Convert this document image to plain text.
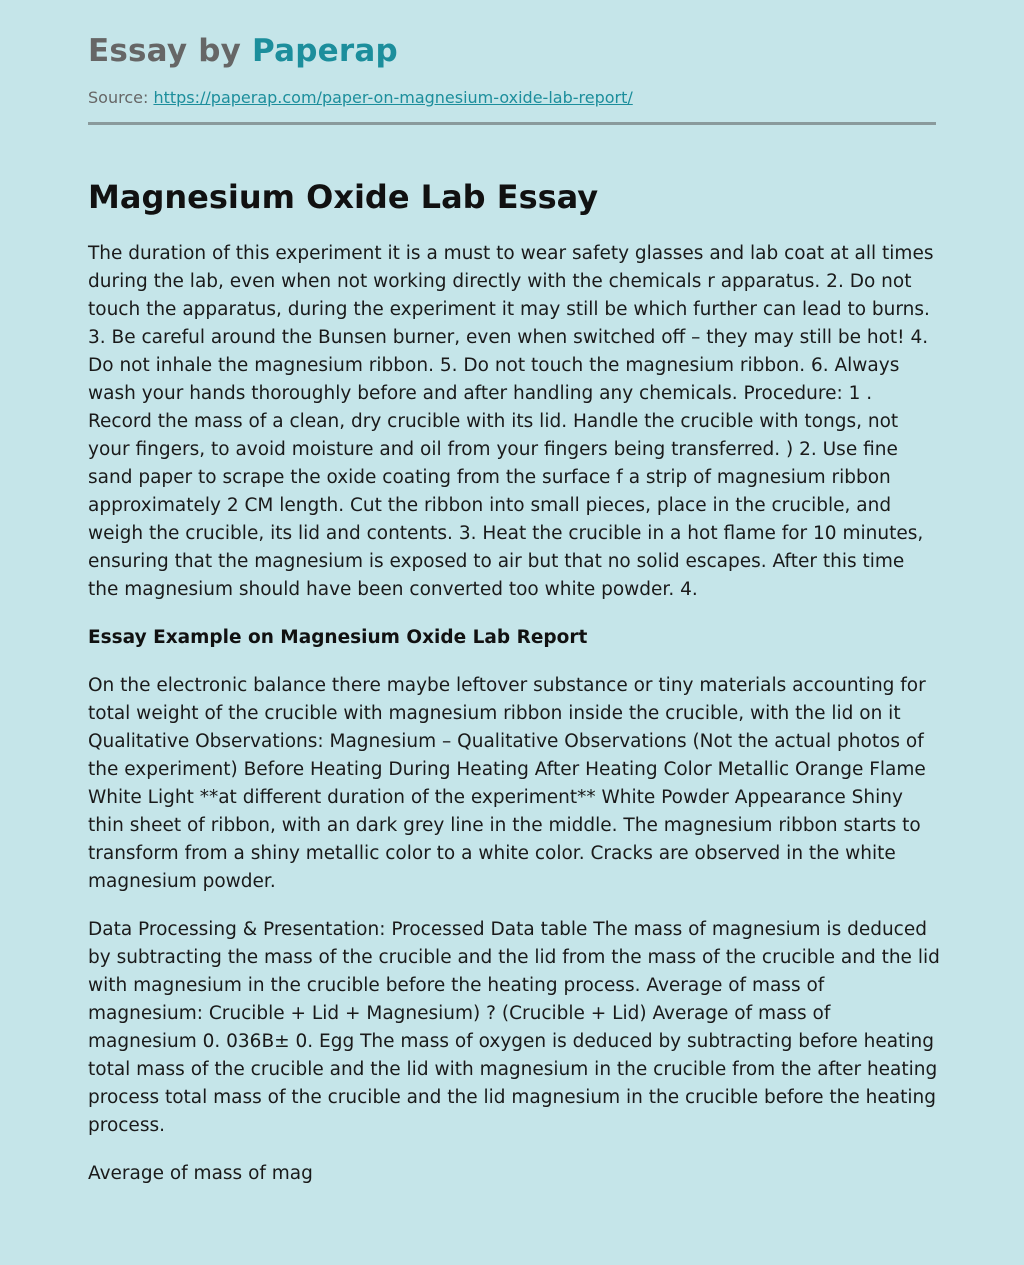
Essay by Paperap
Source: https://paperap.com/paper-on-magnesium-oxide-lab-report/
Magnesium Oxide Lab Essay

The duration of this experiment it is a must to wear safety glasses and lab coat at all times during the lab, even when not working directly with the chemicals r apparatus. 2. Do not touch the apparatus, during the experiment it may still be which further can lead to burns. 3. Be careful around the Bunsen burner, even when switched off – they may still be hot! 4. Do not inhale the magnesium ribbon. 5. Do not touch the magnesium ribbon. 6. Always wash your hands thoroughly before and after handling any chemicals. Procedure: 1 . Record the mass of a clean, dry crucible with its lid. Handle the crucible with tongs, not your fingers, to avoid moisture and oil from your fingers being transferred. ) 2. Use fine sand paper to scrape the oxide coating from the surface f a strip of magnesium ribbon approximately 2 CM length. Cut the ribbon into small pieces, place in the crucible, and weigh the crucible, its lid and contents. 3. Heat the crucible in a hot flame for 10 minutes, ensuring that the magnesium is exposed to air but that no solid escapes. After this time the magnesium should have been converted too white powder. 4.

Essay Example on Magnesium Oxide Lab Report

On the electronic balance there maybe leftover substance or tiny materials accounting for total weight of the crucible with magnesium ribbon inside the crucible, with the lid on it Qualitative Observations: Magnesium – Qualitative Observations (Not the actual photos of the experiment) Before Heating During Heating After Heating Color Metallic Orange Flame White Light **at different duration of the experiment** White Powder Appearance Shiny thin sheet of ribbon, with an dark grey line in the middle. The magnesium ribbon starts to transform from a shiny metallic color to a white color. Cracks are observed in the white magnesium powder.

Data Processing & Presentation: Processed Data table The mass of magnesium is deduced by subtracting the mass of the crucible and the lid from the mass of the crucible and the lid with magnesium in the crucible before the heating process. Average of mass of magnesium: Crucible + Lid + Magnesium) ? (Crucible + Lid) Average of mass of magnesium 0. 036B± 0. Egg The mass of oxygen is deduced by subtracting before heating total mass of the crucible and the lid with magnesium in the crucible from the after heating process total mass of the crucible and the lid magnesium in the crucible before the heating process.

Average of mass of mag
